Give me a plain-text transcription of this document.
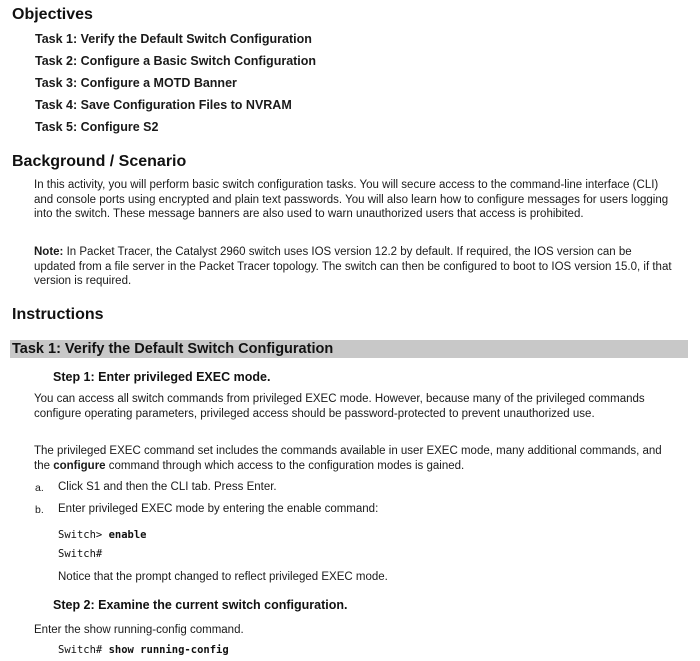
Objectives
Task 1: Verify the Default Switch Configuration
Task 2: Configure a Basic Switch Configuration
Task 3: Configure a MOTD Banner
Task 4: Save Configuration Files to NVRAM
Task 5: Configure S2
Background / Scenario

In this activity, you will perform basic switch configuration tasks. You will secure access to the command-line interface (CLI) and console ports using encrypted and plain text passwords. You will also learn how to configure messages for users logging into the switch. These message banners are also used to warn unauthorized users that access is prohibited.

Note: In Packet Tracer, the Catalyst 2960 switch uses IOS version 12.2 by default. If required, the IOS version can be updated from a file server in the Packet Tracer topology. The switch can then be configured to boot to IOS version 15.0, if that version is required.

Instructions
Task 1: Verify the Default Switch Configuration
Step 1: Enter privileged EXEC mode.

You can access all switch commands from privileged EXEC mode. However, because many of the privileged commands configure operating parameters, privileged access should be password-protected to prevent unauthorized use.

The privileged EXEC command set includes the commands available in user EXEC mode, many additional commands, and the configure command through which access to the configuration modes is gained.

a. Click S1 and then the CLI tab. Press Enter.
b. Enter privileged EXEC mode by entering the enable command:
Switch> enable
Switch#
Notice that the prompt changed to reflect privileged EXEC mode.
Step 2: Examine the current switch configuration.
Enter the show running-config command.
Switch# show running-config
